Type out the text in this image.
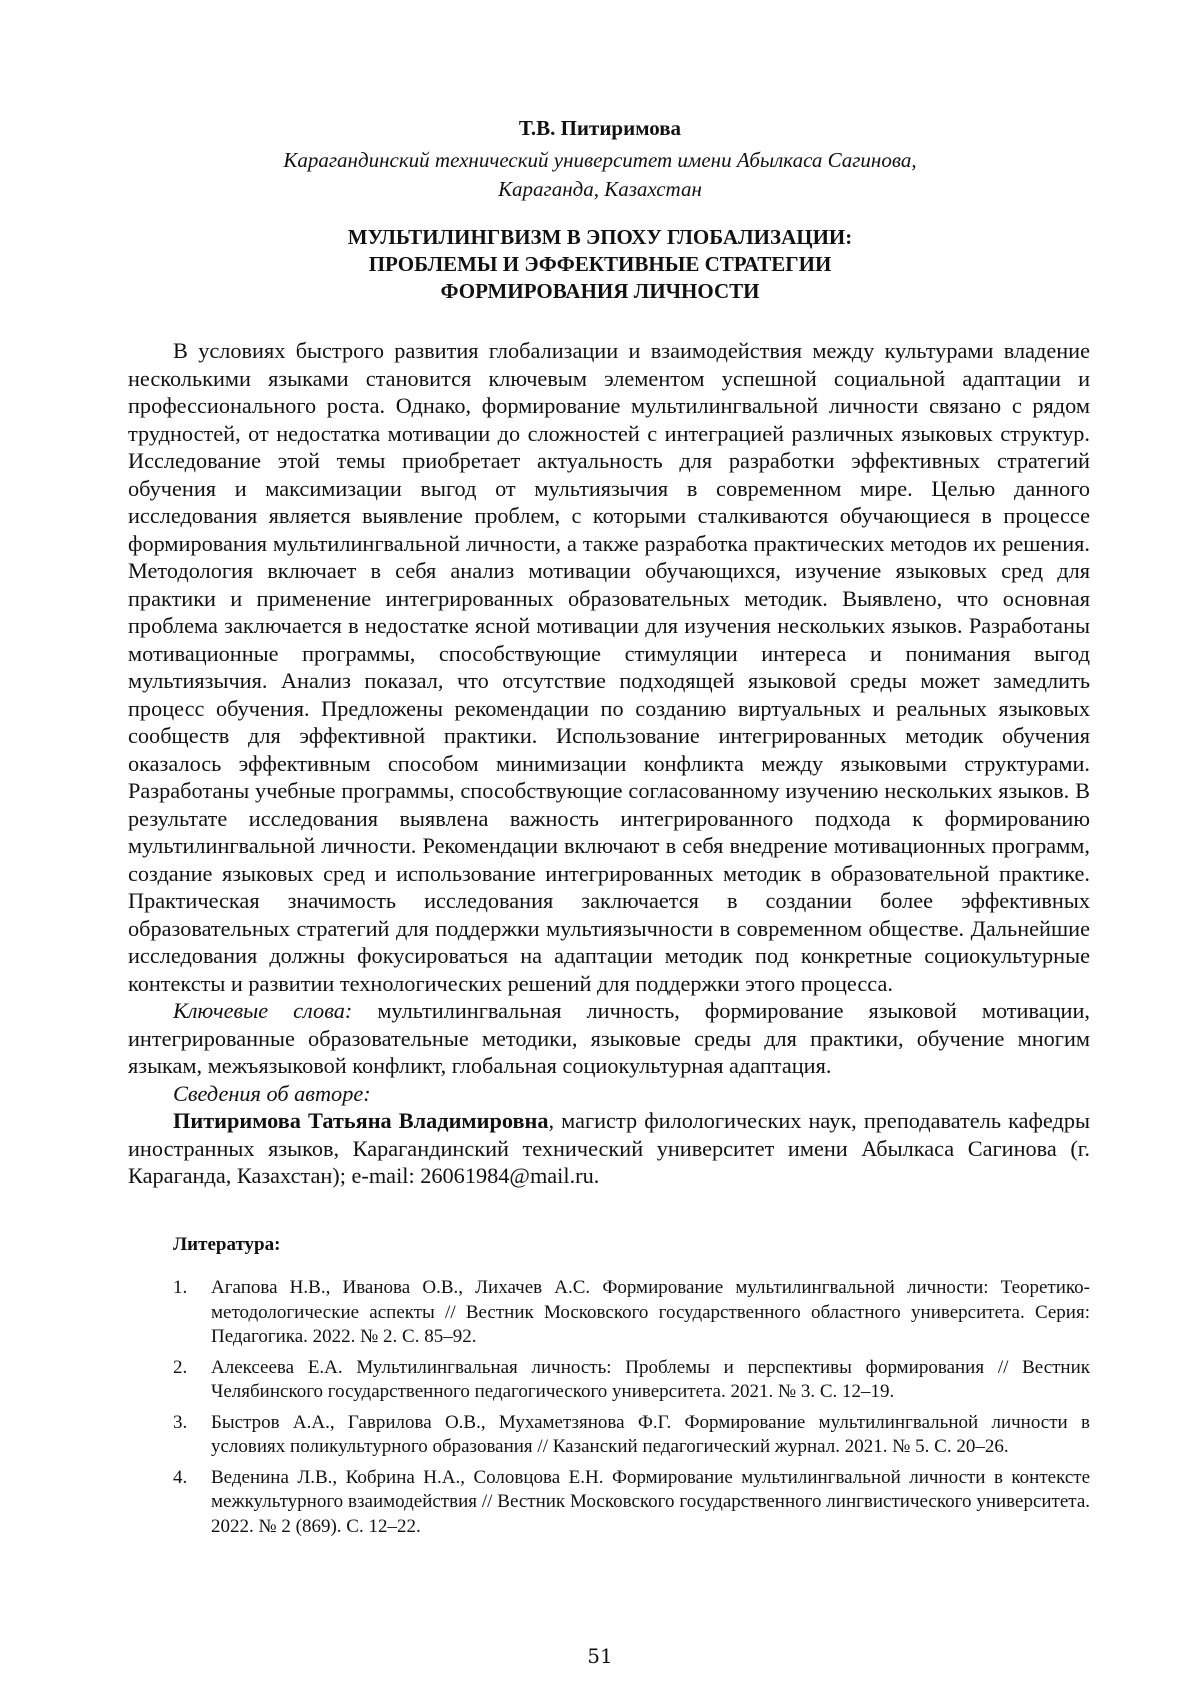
Т.В. Питиримова
Карагандинский технический университет имени Абылкаса Сагинова,
Караганда, Казахстан
МУЛЬТИЛИНГВИЗМ В ЭПОХУ ГЛОБАЛИЗАЦИИ:
ПРОБЛЕМЫ И ЭФФЕКТИВНЫЕ СТРАТЕГИИ
ФОРМИРОВАНИЯ ЛИЧНОСТИ

В условиях быстрого развития глобализации и взаимодействия между культурами владение несколькими языками становится ключевым элементом успешной социальной адаптации и профессионального роста. Однако, формирование мультилингвальной личности связано с рядом трудностей, от недостатка мотивации до сложностей с интеграцией различных языковых структур. Исследование этой темы приобретает актуальность для разработки эффективных стратегий обучения и максимизации выгод от мультиязычия в современном мире. Целью данного исследования является выявление проблем, с которыми сталкиваются обучающиеся в процессе формирования мультилингвальной личности, а также разработка практических методов их решения. Методология включает в себя анализ мотивации обучающихся, изучение языковых сред для практики и применение интегрированных образовательных методик. Выявлено, что основная проблема заключается в недостатке ясной мотивации для изучения нескольких языков. Разработаны мотивационные программы, способствующие стимуляции интереса и понимания выгод мультиязычия. Анализ показал, что отсутствие подходящей языковой среды может замедлить процесс обучения. Предложены рекомендации по созданию виртуальных и реальных языковых сообществ для эффективной практики. Использование интегрированных методик обучения оказалось эффективным способом минимизации конфликта между языковыми структурами. Разработаны учебные программы, способствующие согласованному изучению нескольких языков. В результате исследования выявлена важность интегрированного подхода к формированию мультилингвальной личности. Рекомендации включают в себя внедрение мотивационных программ, создание языковых сред и использование интегрированных методик в образовательной практике. Практическая значимость исследования заключается в создании более эффективных образовательных стратегий для поддержки мультиязычности в современном обществе. Дальнейшие исследования должны фокусироваться на адаптации методик под конкретные социокультурные контексты и развитии технологических решений для поддержки этого процесса.

Ключевые слова: мультилингвальная личность, формирование языковой мотивации, интегрированные образовательные методики, языковые среды для практики, обучение многим языкам, межъязыковой конфликт, глобальная социокультурная адаптация.

Сведения об авторе:

Питиримова Татьяна Владимировна, магистр филологических наук, преподаватель кафедры иностранных языков, Карагандинский технический университет имени Абылкаса Сагинова (г. Караганда, Казахстан); e-mail: 26061984@mail.ru.

Литература:
1. Агапова Н.В., Иванова О.В., Лихачев А.С. Формирование мультилингвальной личности: Теоретико-методологические аспекты // Вестник Московского государственного областного университета. Серия: Педагогика. 2022. № 2. С. 85–92.
2. Алексеева Е.А. Мультилингвальная личность: Проблемы и перспективы формирования // Вестник Челябинского государственного педагогического университета. 2021. № 3. С. 12–19.
3. Быстров А.А., Гаврилова О.В., Мухаметзянова Ф.Г. Формирование мультилингвальной личности в условиях поликультурного образования // Казанский педагогический журнал. 2021. № 5. С. 20–26.
4. Веденина Л.В., Кобрина Н.А., Соловцова Е.Н. Формирование мультилингвальной личности в контексте межкультурного взаимодействия // Вестник Московского государственного лингвистического университета. 2022. № 2 (869). С. 12–22.
51
